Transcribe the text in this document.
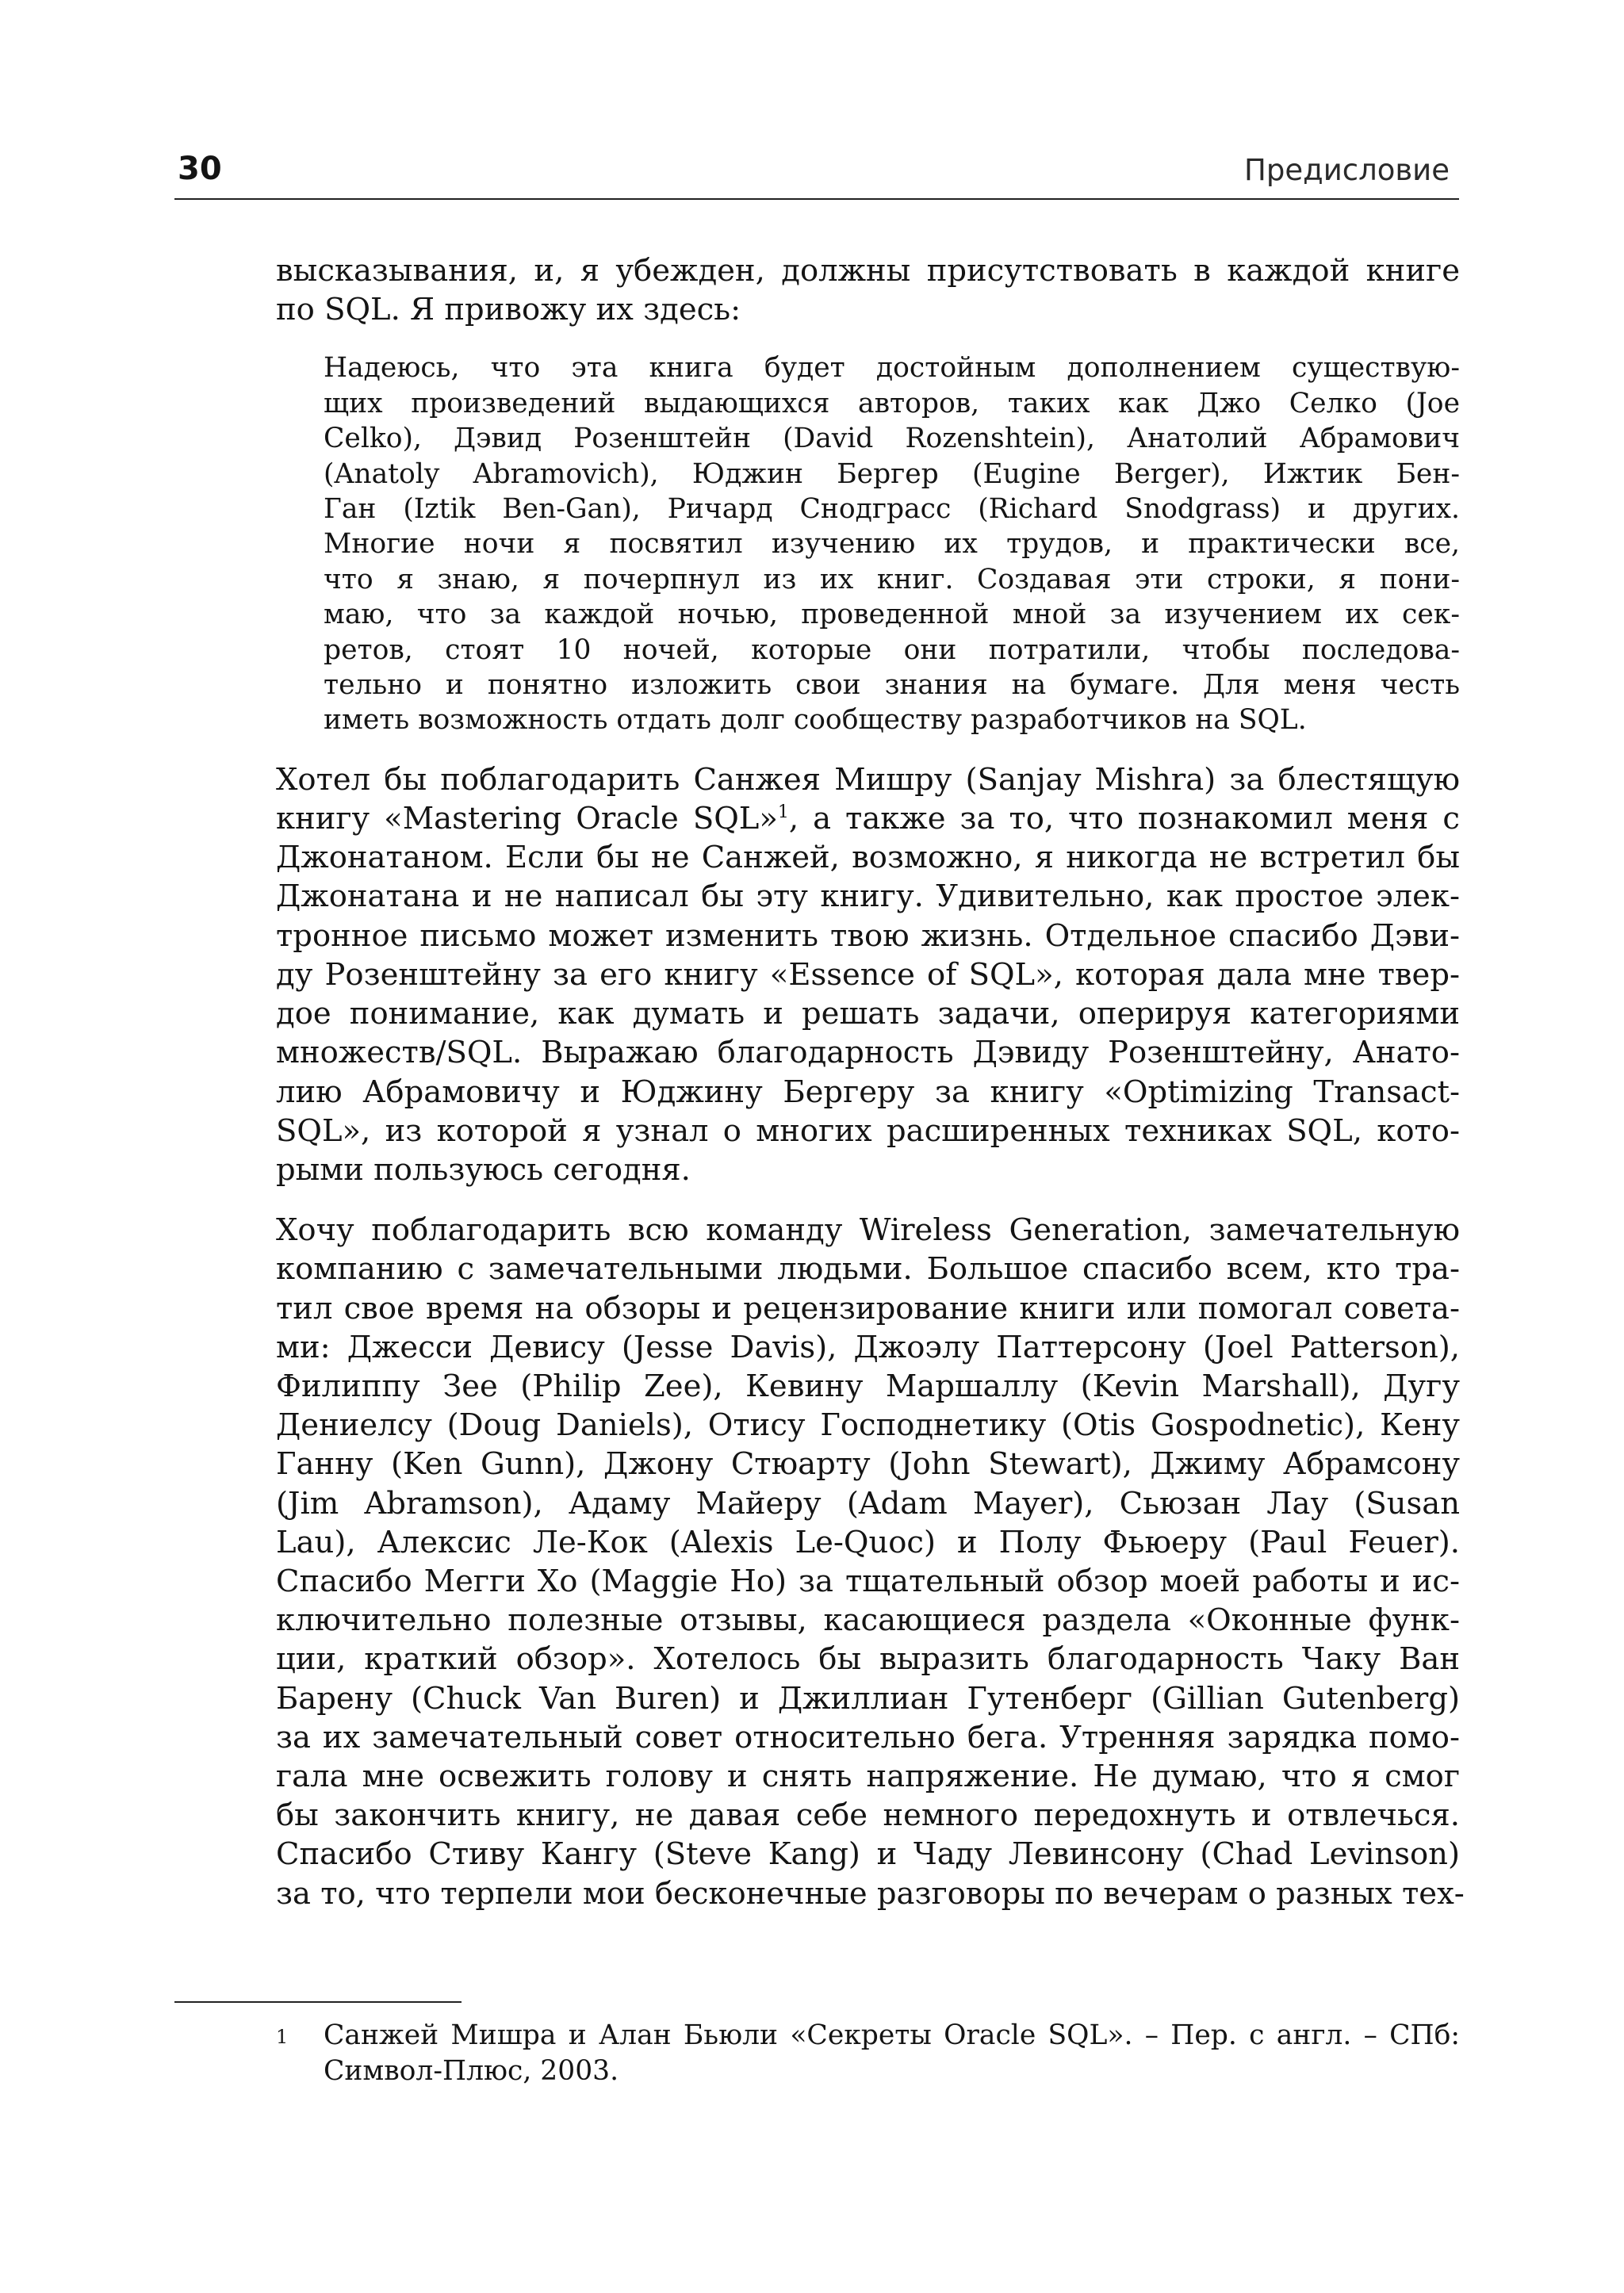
30	Предисловие

высказывания, и, я убежден, должны присутствовать в каждой книге
по SQL. Я привожу их здесь:

Надеюсь, что эта книга будет достойным дополнением существую-
щих произведений выдающихся авторов, таких как Джо Селко (Joe
Celko), Дэвид Розенштейн (David Rozenshtein), Анатолий Абрамович
(Anatoly Abramovich), Юджин Бергер (Eugine Berger), Ижтик Бен-
Ган (Iztik Ben-Gan), Ричард Снодграсс (Richard Snodgrass) и других.
Многие ночи я посвятил изучению их трудов, и практически все,
что я знаю, я почерпнул из их книг. Создавая эти строки, я пони-
маю, что за каждой ночью, проведенной мной за изучением их сек-
ретов, стоят 10 ночей, которые они потратили, чтобы последова-
тельно и понятно изложить свои знания на бумаге. Для меня честь
иметь возможность отдать долг сообществу разработчиков на SQL.

Хотел бы поблагодарить Санжея Мишру (Sanjay Mishra) за блестящую
книгу «Mastering Oracle SQL»$^1$, а также за то, что познакомил меня с
Джонатаном. Если бы не Санжей, возможно, я никогда не встретил бы
Джонатана и не написал бы эту книгу. Удивительно, как простое элек-
тронное письмо может изменить твою жизнь. Отдельное спасибо Дэви-
ду Розенштейну за его книгу «Essence of SQL», которая дала мне твер-
дое понимание, как думать и решать задачи, оперируя категориями
множеств/SQL. Выражаю благодарность Дэвиду Розенштейну, Анато-
лию Абрамовичу и Юджину Бергеру за книгу «Optimizing Transact-
SQL», из которой я узнал о многих расширенных техниках SQL, кото-
рыми пользуюсь сегодня.

Хочу поблагодарить всю команду Wireless Generation, замечательную
компанию с замечательными людьми. Большое спасибо всем, кто тра-
тил свое время на обзоры и рецензирование книги или помогал совета-
ми: Джесси Девису (Jesse Davis), Джоэлу Паттерсону (Joel Patterson),
Филиппу Зее (Philip Zee), Кевину Маршаллу (Kevin Marshall), Дугу
Дениелсу (Doug Daniels), Отису Господнетику (Otis Gospodnetic), Кену
Ганну (Ken Gunn), Джону Стюарту (John Stewart), Джиму Абрамсону
(Jim Abramson), Адаму Майеру (Adam Mayer), Сьюзан Лау (Susan
Lau), Алексис Ле-Кок (Alexis Le-Quoc) и Полу Фьюеру (Paul Feuer).
Спасибо Мегги Хо (Maggie Ho) за тщательный обзор моей работы и ис-
ключительно полезные отзывы, касающиеся раздела «Оконные функ-
ции, краткий обзор». Хотелось бы выразить благодарность Чаку Ван
Барену (Chuck Van Buren) и Джиллиан Гутенберг (Gillian Gutenberg)
за их замечательный совет относительно бега. Утренняя зарядка помо-
гала мне освежить голову и снять напряжение. Не думаю, что я смог
бы закончить книгу, не давая себе немного передохнуть и отвлечься.
Спасибо Стиву Кангу (Steve Kang) и Чаду Левинсону (Chad Levinson)
за то, что терпели мои бесконечные разговоры по вечерам о разных тех-

1 Санжей Мишра и Алан Бьюли «Секреты Oracle SQL». – Пер. с англ. – СПб:
Символ-Плюс, 2003.
